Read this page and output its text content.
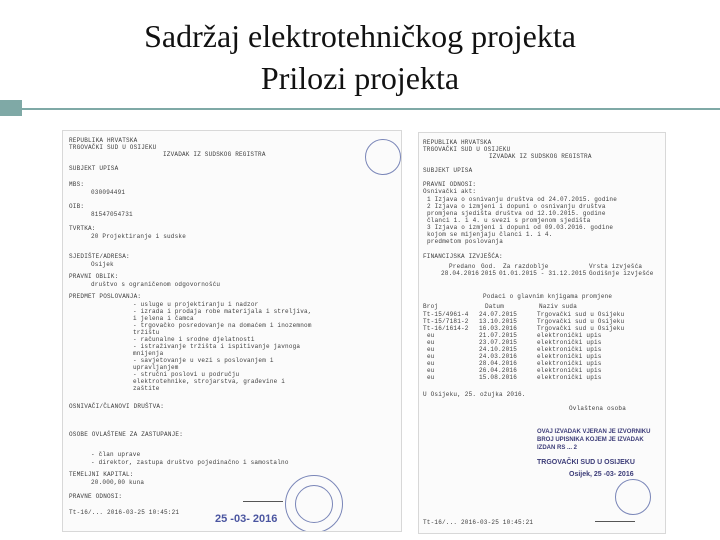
Sadržaj elektrotehničkog projekta
Prilozi projekta
REPUBLIKA HRVATSKA
TRGOVAČKI SUD U OSIJEKU
IZVADAK IZ SUDSKOG REGISTRA
SUBJEKT UPISA
MBS:
030094491
OIB:
81547054731
TVRTKA:
20 Projektiranje i sudske
SJEDIŠTE/ADRESA:
Osijek
PRAVNI OBLIK:
društvo s ograničenom odgovornošću
PREDMET POSLOVANJA:
- usluge u projektiranju i nadzor
- izrada i prodaja robe materijala i streljiva,
i jelena i čamca
- trgovačko posredovanje na domaćem i inozemnom
tržištu
- računalne i srodne djelatnosti
- istraživanje tržišta i ispitivanje javnoga
mnijenja
- savjetovanje u vezi s poslovanjem i
upravljanjem
- stručni poslovi u području
elektrotehnike, strojarstva, građevine i
zaštite
OSNIVAČI/ČLANOVI DRUŠTVA:
OSOBE OVLAŠTENE ZA ZASTUPANJE:
- član uprave
- direktor, zastupa društvo pojedinačno i samostalno
TEMELJNI KAPITAL:
20.000,00 kuna
PRAVNE ODNOSI:
Tt-16/... 2016-03-25 10:45:21
25 -03- 2016
REPUBLIKA HRVATSKA
TRGOVAČKI SUD U OSIJEKU
IZVADAK IZ SUDSKOG REGISTRA
SUBJEKT UPISA
PRAVNI ODNOSI:
Osnivački akt:
1 Izjava o osnivanju društva od 24.07.2015. godine
2 Izjava o izmjeni i dopuni o osnivanju društva
promjena sjedišta društva od 12.10.2015. godine
članci 1. i 4. u svezi s promjenom sjedišta
3 Izjava o izmjeni i dopuni od 09.03.2016. godine
kojom se mijenjaju članci 1. i 4.
predmetom poslovanja
FINANCIJSKA IZVJEŠĆA:
Predano God. Za razdoblje	Vrsta izvješća
28.04.2016 2015 01.01.2015 - 31.12.2015 Godišnje izvješće
Podaci o glavnim knjigama promjene
Broj	Datum	Naziv suda
Tt-15/4961-4 24.07.2015	Trgovački sud u Osijeku
Tt-15/7181-2 13.10.2015	Trgovački sud u Osijeku
Tt-16/1614-2 16.03.2016	Trgovački sud u Osijeku
eu	21.07.2015	elektronički upis
eu	23.07.2015	elektronički upis
eu	24.10.2015	elektronički upis
eu	24.03.2016	elektronički upis
eu	28.04.2016	elektronički upis
eu	26.04.2016	elektronički upis
eu	15.08.2016	elektronički upis
U Osijeku, 25. ožujka 2016.
Ovlaštena osoba
OVAJ IZVADAK VJERAN JE IZVORNIKU
BROJ UPISNIKA KOJEM JE IZVADAK
IZDAN RS ... 2
TRGOVAČKI SUD U OSIJEKU
Osijek, 25 -03- 2016
Tt-16/... 2016-03-25 10:45:21
